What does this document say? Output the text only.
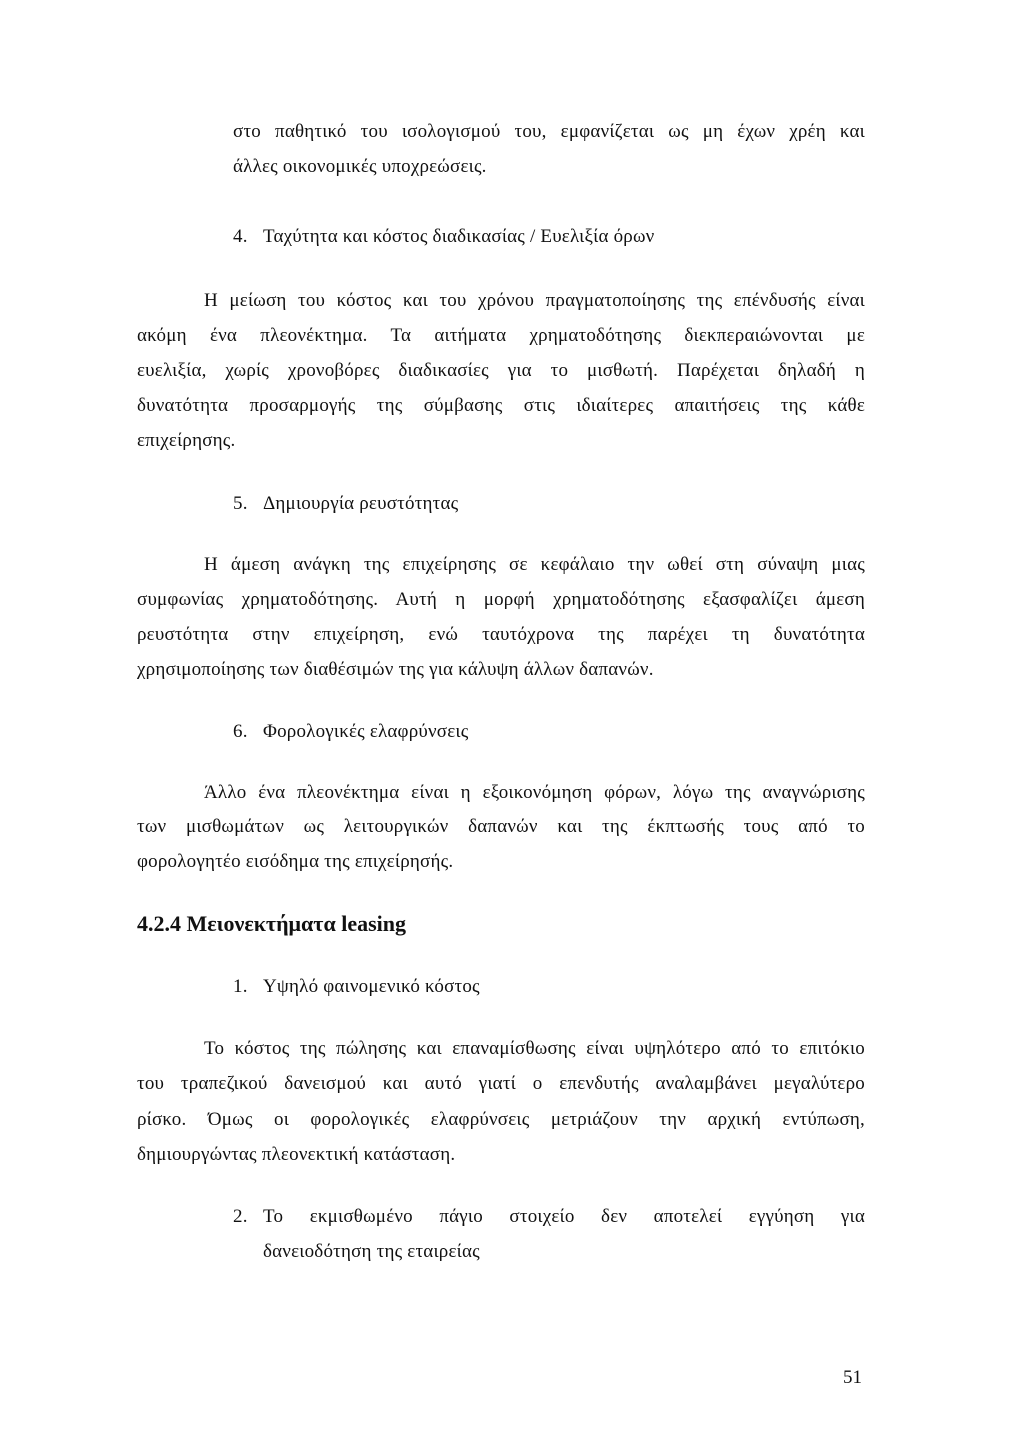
στο παθητικό του ισολογισμού του, εμφανίζεται ως μη έχων χρέη και
άλλες οικονομικές υποχρεώσεις.
4. Ταχύτητα και κόστος διαδικασίας / Ευελιξία όρων
Η μείωση του κόστος και του χρόνου πραγματοποίησης της επένδυσής είναι
ακόμη ένα πλεονέκτημα. Τα αιτήματα χρηματοδότησης διεκπεραιώνονται με
ευελιξία, χωρίς χρονοβόρες διαδικασίες για το μισθωτή. Παρέχεται δηλαδή η
δυνατότητα προσαρμογής της σύμβασης στις ιδιαίτερες απαιτήσεις της κάθε
επιχείρησης.
5. Δημιουργία ρευστότητας
Η άμεση ανάγκη της επιχείρησης σε κεφάλαιο την ωθεί στη σύναψη μιας
συμφωνίας χρηματοδότησης. Αυτή η μορφή χρηματοδότησης εξασφαλίζει άμεση
ρευστότητα στην επιχείρηση, ενώ ταυτόχρονα της παρέχει τη δυνατότητα
χρησιμοποίησης των διαθέσιμών της για κάλυψη άλλων δαπανών.
6. Φορολογικές ελαφρύνσεις
Άλλο ένα πλεονέκτημα είναι η εξοικονόμηση φόρων, λόγω της αναγνώρισης
των μισθωμάτων ως λειτουργικών δαπανών και της έκπτωσής τους από το
φορολογητέο εισόδημα της επιχείρησής.
4.2.4 Μειονεκτήματα leasing
1. Υψηλό φαινομενικό κόστος
Το κόστος της πώλησης και επαναμίσθωσης είναι υψηλότερο από το επιτόκιο
του τραπεζικού δανεισμού και αυτό γιατί ο επενδυτής αναλαμβάνει μεγαλύτερο
ρίσκο. Όμως οι φορολογικές ελαφρύνσεις μετριάζουν την αρχική εντύπωση,
δημιουργώντας πλεονεκτική κατάσταση.
2. Το εκμισθωμένο πάγιο στοιχείο δεν αποτελεί εγγύηση για
δανειοδότηση της εταιρείας
51
